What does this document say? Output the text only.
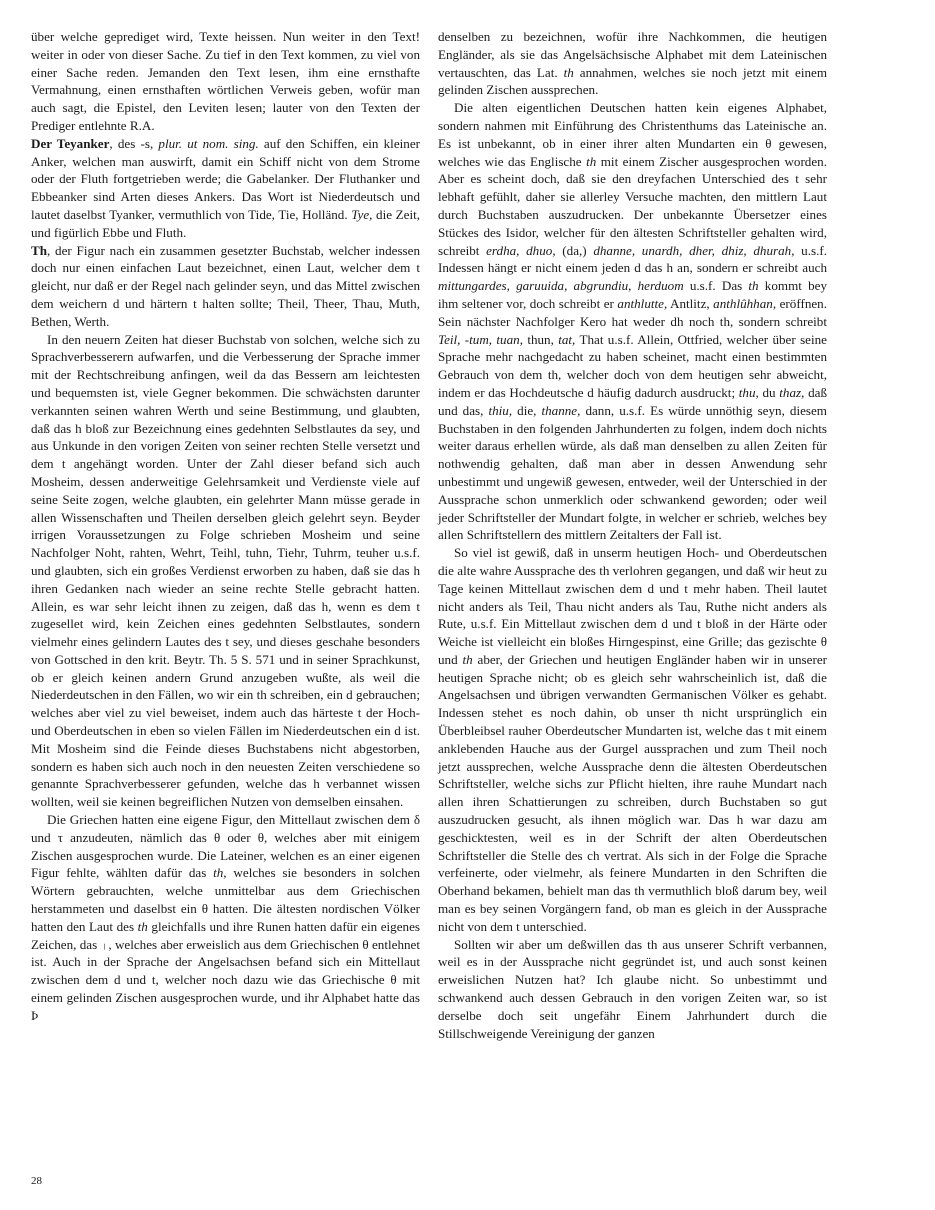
über welche geprediget wird, Texte heissen. Nun weiter in den Text! weiter in oder von dieser Sache. Zu tief in den Text kommen, zu viel von einer Sache reden. Jemanden den Text lesen, ihm eine ernsthafte Vermahnung, einen ernsthaften wörtlichen Verweis geben, wofür man auch sagt, die Epistel, den Leviten lesen; lauter von den Texten der Prediger entlehnte R.A.

Der Teyanker, des -s, plur. ut nom. sing. auf den Schiffen, ein kleiner Anker, welchen man auswirft, damit ein Schiff nicht von dem Strome oder der Fluth fortgetrieben werde; die Gabelanker. Der Fluthanker und Ebbeanker sind Arten dieses Ankers. Das Wort ist Niederdeutsch und lautet daselbst Tyanker, vermuthlich von Tide, Tie, Holländ. Tye, die Zeit, und figürlich Ebbe und Fluth.

Th, der Figur nach ein zusammen gesetzter Buchstab, welcher indessen doch nur einen einfachen Laut bezeichnet, einen Laut, welcher dem t gleicht, nur daß er der Regel nach gelinder seyn, und das Mittel zwischen dem weichern d und härtern t halten sollte; Theil, Theer, Thau, Muth, Bethen, Werth.

In den neuern Zeiten hat dieser Buchstab von solchen, welche sich zu Sprachverbesserern aufwarfen, und die Verbesserung der Sprache immer mit der Rechtschreibung anfingen, weil da das Bessern am leichtesten und bequemsten ist, viele Gegner bekommen. Die schwächsten darunter verkannten seinen wahren Werth und seine Bestimmung, und glaubten, daß das h bloß zur Bezeichnung eines gedehnten Selbstlautes da sey, und aus Unkunde in den vorigen Zeiten von seiner rechten Stelle versetzt und dem t angehängt worden. Unter der Zahl dieser befand sich auch Mosheim, dessen anderweitige Gelehrsamkeit und Verdienste viele auf seine Seite zogen, welche glaubten, ein gelehrter Mann müsse gerade in allen Wissenschaften und Theilen derselben gleich gelehrt seyn. Beyder irrigen Voraussetzungen zu Folge schrieben Mosheim und seine Nachfolger Noht, rahten, Wehrt, Teihl, tuhn, Tiehr, Tuhrm, teuher u.s.f. und glaubten, sich ein großes Verdienst erworben zu haben, daß sie das h ihren Gedanken nach wieder an seine rechte Stelle gebracht hatten. Allein, es war sehr leicht ihnen zu zeigen, daß das h, wenn es dem t zugesellet wird, kein Zeichen eines gedehnten Selbstlautes, sondern vielmehr eines gelindern Lautes des t sey, und dieses geschahe besonders von Gottsched in den krit. Beytr. Th. 5 S. 571 und in seiner Sprachkunst, ob er gleich keinen andern Grund anzugeben wußte, als weil die Niederdeutschen in den Fällen, wo wir ein th schreiben, ein d gebrauchen; welches aber viel zu viel beweiset, indem auch das härteste t der Hoch- und Oberdeutschen in eben so vielen Fällen im Niederdeutschen ein d ist. Mit Mosheim sind die Feinde dieses Buchstabens nicht abgestorben, sondern es haben sich auch noch in den neuesten Zeiten verschiedene so genannte Sprachverbesserer gefunden, welche das h verbannet wissen wollten, weil sie keinen begreiflichen Nutzen von demselben einsahen.

Die Griechen hatten eine eigene Figur, den Mittellaut zwischen dem δ und τ anzudeuten, nämlich das θ oder θ, welches aber mit einigem Zischen ausgesprochen wurde. Die Lateiner, welchen es an einer eigenen Figur fehlte, wählten dafür das th, welches sie besonders in solchen Wörtern gebrauchten, welche unmittelbar aus dem Griechischen herstammeten und daselbst ein θ hatten. Die ältesten nordischen Völker hatten den Laut des th gleichfalls und ihre Runen hatten dafür ein eigenes Zeichen, das ᛧ, welches aber erweislich aus dem Griechischen θ entlehnet ist. Auch in der Sprache der Angelsachsen befand sich ein Mittellaut zwischen dem d und t, welcher noch dazu wie das Griechische θ mit einem gelinden Zischen ausgesprochen wurde, und ihr Alphabet hatte das Þ

denselben zu bezeichnen, wofür ihre Nachkommen, die heutigen Engländer, als sie das Angelsächsische Alphabet mit dem Lateinischen vertauschten, das Lat. th annahmen, welches sie noch jetzt mit einem gelinden Zischen aussprechen.

Die alten eigentlichen Deutschen hatten kein eigenes Alphabet, sondern nahmen mit Einführung des Christenthums das Lateinische an. Es ist unbekannt, ob in einer ihrer alten Mundarten ein θ gewesen, welches wie das Englische th mit einem Zischer ausgesprochen worden. Aber es scheint doch, daß sie den dreyfachen Unterschied des t sehr lebhaft gefühlt, daher sie allerley Versuche machten, den mittlern Laut durch Buchstaben auszudrucken. Der unbekannte Übersetzer eines Stückes des Isidor, welcher für den ältesten Schriftsteller gehalten wird, schreibt erdha, dhuo, (da,) dhanne, unardh, dher, dhiz, dhurah, u.s.f. Indessen hängt er nicht einem jeden d das h an, sondern er schreibt auch mittungardes, garuuida, abgrundiu, herduom u.s.f. Das th kommt bey ihm seltener vor, doch schreibt er anthlutte, Antlitz, anthlûhhan, eröffnen. Sein nächster Nachfolger Kero hat weder dh noch th, sondern schreibt Teil, -tum, tuan, thun, tat, That u.s.f. Allein, Ottfried, welcher über seine Sprache mehr nachgedacht zu haben scheinet, macht einen bestimmten Gebrauch von dem th, welcher doch von dem heutigen sehr abweicht, indem er das Hochdeutsche d häufig dadurch ausdruckt; thu, du thaz, daß und das, thiu, die, thanne, dann, u.s.f. Es würde unnöthig seyn, diesem Buchstaben in den folgenden Jahrhunderten zu folgen, indem doch nichts weiter daraus erhellen würde, als daß man denselben zu allen Zeiten für nothwendig gehalten, daß man aber in dessen Anwendung sehr unbestimmt und ungewiß gewesen, entweder, weil der Unterschied in der Aussprache schon unmerklich oder schwankend geworden; oder weil jeder Schriftsteller der Mundart folgte, in welcher er schrieb, welches bey allen Schriftstellern des mittlern Zeitalters der Fall ist.

So viel ist gewiß, daß in unserm heutigen Hoch- und Oberdeutschen die alte wahre Aussprache des th verlohren gegangen, und daß wir heut zu Tage keinen Mittellaut zwischen dem d und t mehr haben. Theil lautet nicht anders als Teil, Thau nicht anders als Tau, Ruthe nicht anders als Rute, u.s.f. Ein Mittellaut zwischen dem d und t bloß in der Härte oder Weiche ist vielleicht ein bloßes Hirngespinst, eine Grille; das gezischte θ und th aber, der Griechen und heutigen Engländer haben wir in unserer heutigen Sprache nicht; ob es gleich sehr wahrscheinlich ist, daß die Angelsachsen und übrigen verwandten Germanischen Völker es gehabt. Indessen stehet es noch dahin, ob unser th nicht ursprünglich ein Überbleibsel rauher Oberdeutscher Mundarten ist, welche das t mit einem anklebenden Hauche aus der Gurgel aussprachen und zum Theil noch jetzt aussprechen, welche Aussprache denn die ältesten Oberdeutschen Schriftsteller, welche sichs zur Pflicht hielten, ihre rauhe Mundart nach allen ihren Schattierungen zu schreiben, durch Buchstaben so gut auszudrucken gesucht, als ihnen möglich war. Das h war dazu am geschicktesten, weil es in der Schrift der alten Oberdeutschen Schriftsteller die Stelle des ch vertrat. Als sich in der Folge die Sprache verfeinerte, oder vielmehr, als feinere Mundarten in den Schriften die Oberhand bekamen, behielt man das th vermuthlich bloß darum bey, weil man es bey seinen Vorgängern fand, ob man es gleich in der Aussprache nicht von dem t unterschied.

Sollten wir aber um deßwillen das th aus unserer Schrift verbannen, weil es in der Aussprache nicht gegründet ist, und auch sonst keinen erweislichen Nutzen hat? Ich glaube nicht. So unbestimmt und schwankend auch dessen Gebrauch in den vorigen Zeiten war, so ist derselbe doch seit ungefähr Einem Jahrhundert durch die Stillschweigende Vereinigung der ganzen

28
